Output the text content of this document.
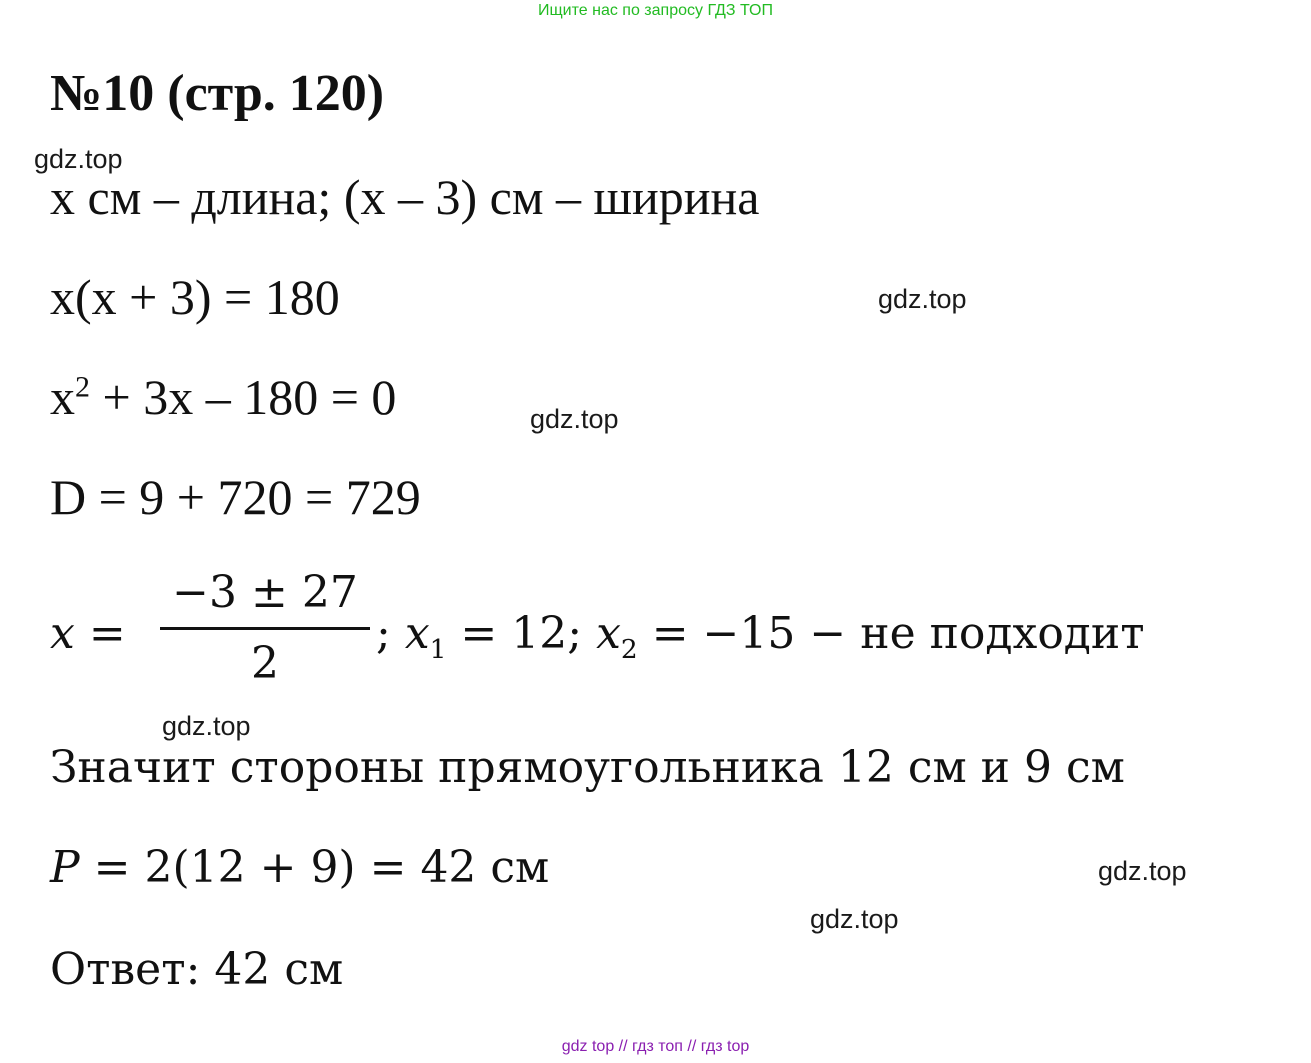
Ищите нас по запросу ГДЗ ТОП
№10 (стр. 120)
gdz.top
x см – длина; (x – 3) см – ширина
x(x + 3) = 180	gdz.top
$x^2 + 3x - 180 = 0$	gdz.top
D = 9 + 720 = 729
x =
−3 ± 27
2
; $x_1 = 12$; $x_2 = -15$ − не подходит
gdz.top
Значит стороны прямоугольника 12 см и 9 см
P = 2(12 + 9) = 42 см	gdz.top
gdz.top
Ответ: 42 см
gdz top // гдз топ // гдз top
